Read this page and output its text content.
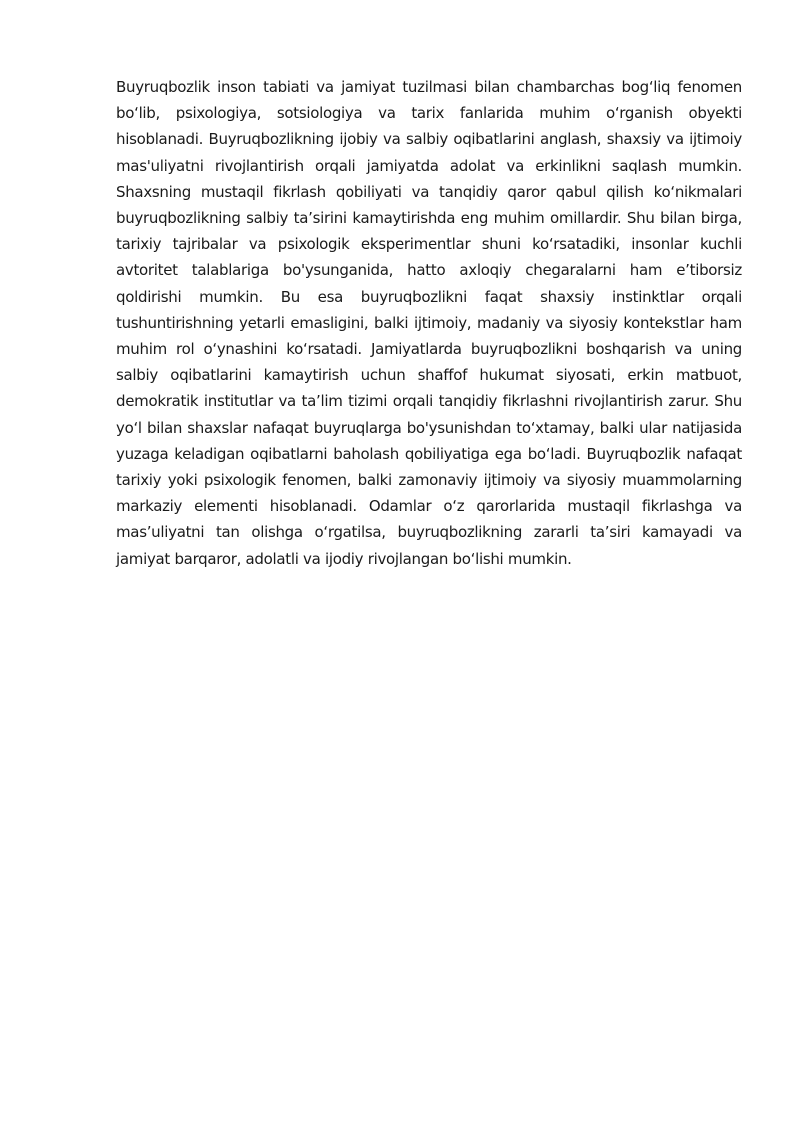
Buyruqbozlik inson tabiati va jamiyat tuzilmasi bilan chambarchas bog‘liq fenomen bo‘lib, psixologiya, sotsiologiya va tarix fanlarida muhim o‘rganish obyekti hisoblanadi. Buyruqbozlikning ijobiy va salbiy oqibatlarini anglash, shaxsiy va ijtimoiy mas'uliyatni rivojlantirish orqali jamiyatda adolat va erkinlikni saqlash mumkin. Shaxsning mustaqil fikrlash qobiliyati va tanqidiy qaror qabul qilish ko‘nikmalari buyruqbozlikning salbiy ta’sirini kamaytirishda eng muhim omillardir. Shu bilan birga, tarixiy tajribalar va psixologik eksperimentlar shuni ko‘rsatadiki, insonlar kuchli avtoritet talablariga bo'ysunganida, hatto axloqiy chegaralarni ham e’tiborsiz qoldirishi mumkin. Bu esa buyruqbozlikni faqat shaxsiy instinktlar orqali tushuntirishning yetarli emasligini, balki ijtimoiy, madaniy va siyosiy kontekstlar ham muhim rol o‘ynashini ko‘rsatadi. Jamiyatlarda buyruqbozlikni boshqarish va uning salbiy oqibatlarini kamaytirish uchun shaffof hukumat siyosati, erkin matbuot, demokratik institutlar va ta’lim tizimi orqali tanqidiy fikrlashni rivojlantirish zarur. Shu yo‘l bilan shaxslar nafaqat buyruqlarga bo'ysunishdan to‘xtamay, balki ular natijasida yuzaga keladigan oqibatlarni baholash qobiliyatiga ega bo‘ladi. Buyruqbozlik nafaqat tarixiy yoki psixologik fenomen, balki zamonaviy ijtimoiy va siyosiy muammolarning markaziy elementi hisoblanadi. Odamlar o‘z qarorlarida mustaqil fikrlashga va mas’uliyatni tan olishga o‘rgatilsa, buyruqbozlikning zararli ta’siri kamayadi va jamiyat barqaror, adolatli va ijodiy rivojlangan bo‘lishi mumkin.
